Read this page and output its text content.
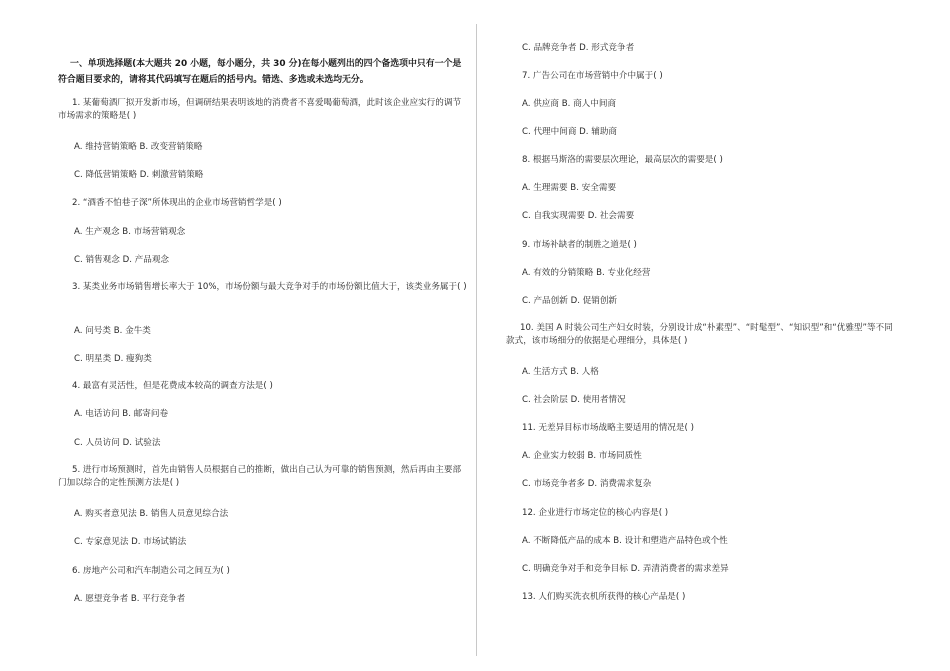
一、单项选择题(本大题共 20 小题，每小题分，共 30 分)在每小题列出的四个备选项中只有一个是符合题目要求的，请将其代码填写在题后的括号内。错选、多选或未选均无分。
1. 某葡萄酒厂拟开发新市场，但调研结果表明该地的消费者不喜爱喝葡萄酒，此时该企业应实行的调节市场需求的策略是( )
A. 维持营销策略 B. 改变营销策略
C. 降低营销策略 D. 刺激营销策略
2. “酒香不怕巷子深”所体现出的企业市场营销哲学是( )
A. 生产观念 B. 市场营销观念
C. 销售观念 D. 产品观念
3. 某类业务市场销售增长率大于 10%，市场份额与最大竞争对手的市场份额比值大于，该类业务属于( )
A. 问号类 B. 金牛类
C. 明星类 D. 瘦狗类
4. 最富有灵活性，但是花费成本较高的调查方法是( )
A. 电话访问 B. 邮寄问卷
C. 人员访问 D. 试验法
5. 进行市场预测时，首先由销售人员根据自己的推断，做出自己认为可靠的销售预测，然后再由主要部门加以综合的定性预测方法是( )
A. 购买者意见法 B. 销售人员意见综合法
C. 专家意见法 D. 市场试销法
6. 房地产公司和汽车制造公司之间互为( )
A. 愿望竞争者 B. 平行竞争者
C. 品牌竞争者 D. 形式竞争者
7. 广告公司在市场营销中介中属于( )
A. 供应商 B. 商人中间商
C. 代理中间商 D. 辅助商
8. 根据马斯洛的需要层次理论，最高层次的需要是( )
A. 生理需要 B. 安全需要
C. 自我实现需要 D. 社会需要
9. 市场补缺者的制胜之道是( )
A. 有效的分销策略 B. 专业化经营
C. 产品创新 D. 促销创新
10. 美国 A 时装公司生产妇女时装，分别设计成“朴素型”、“时髦型”、“知识型”和“优雅型”等不同款式，该市场细分的依据是心理细分，具体是( )
A. 生活方式 B. 人格
C. 社会阶层 D. 使用者情况
11. 无差异目标市场战略主要适用的情况是( )
A. 企业实力较弱 B. 市场同质性
C. 市场竞争者多 D. 消费需求复杂
12. 企业进行市场定位的核心内容是( )
A. 不断降低产品的成本 B. 设计和塑造产品特色或个性
C. 明确竞争对手和竞争目标 D. 弄清消费者的需求差异
13. 人们购买洗衣机所获得的核心产品是( )
